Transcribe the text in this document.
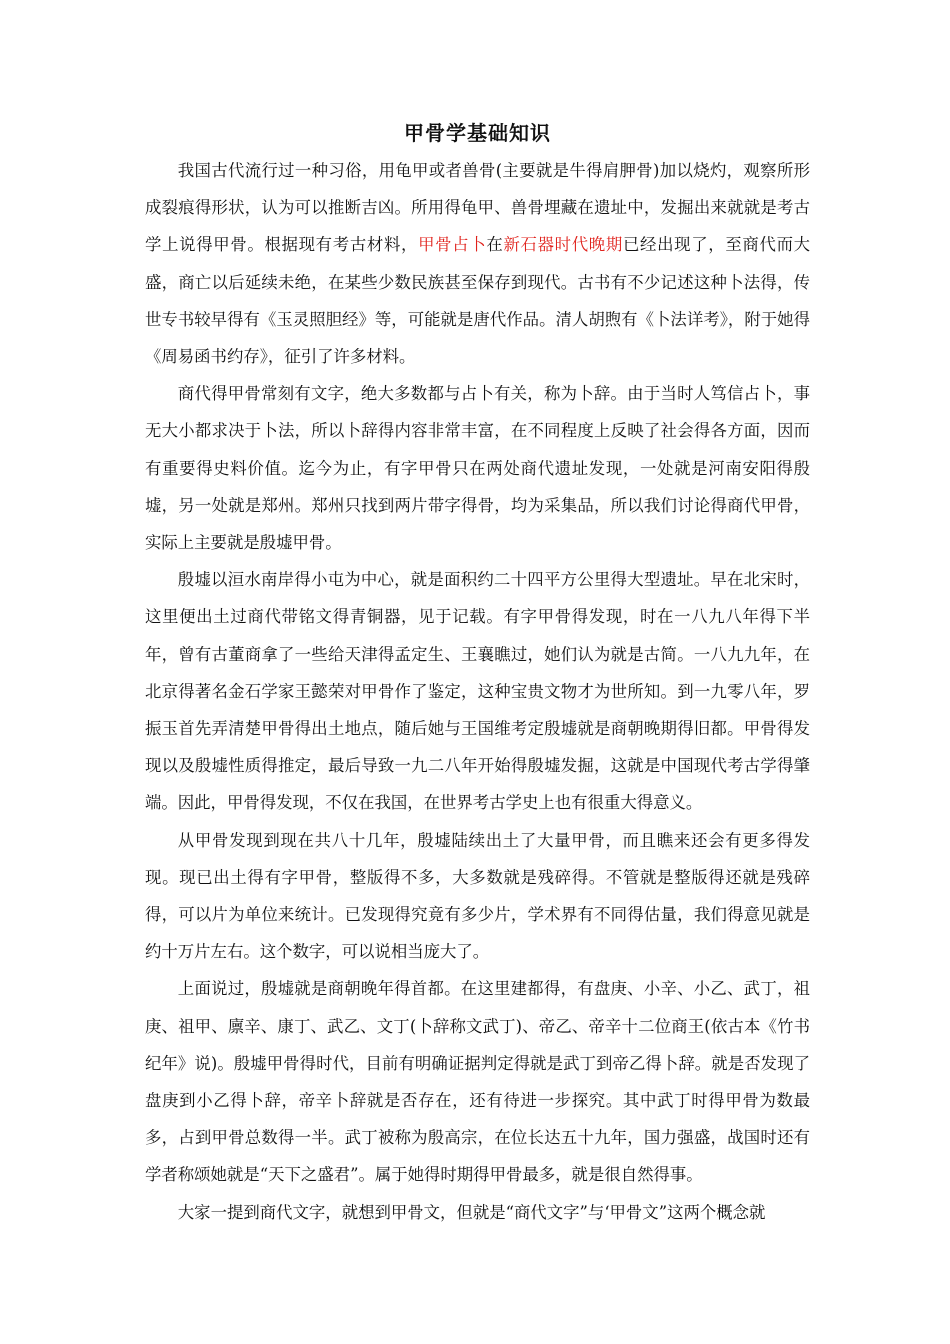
甲骨学基础知识

我国古代流行过一种习俗，用龟甲或者兽骨(主要就是牛得肩胛骨)加以烧灼，观察所形成裂痕得形状，认为可以推断吉凶。所用得龟甲、兽骨埋藏在遗址中，发掘出来就就是考古学上说得甲骨。根据现有考古材料，甲骨占卜在新石器时代晚期已经出现了，至商代而大盛，商亡以后延续未绝，在某些少数民族甚至保存到现代。古书有不少记述这种卜法得，传世专书较早得有《玉灵照胆经》等，可能就是唐代作品。清人胡煦有《卜法详考》，附于她得《周易函书约存》，征引了许多材料。

商代得甲骨常刻有文字，绝大多数都与占卜有关，称为卜辞。由于当时人笃信占卜，事无大小都求决于卜法，所以卜辞得内容非常丰富，在不同程度上反映了社会得各方面，因而有重要得史料价值。迄今为止，有字甲骨只在两处商代遗址发现，一处就是河南安阳得殷墟，另一处就是郑州。郑州只找到两片带字得骨，均为采集品，所以我们讨论得商代甲骨，实际上主要就是殷墟甲骨。

殷墟以洹水南岸得小屯为中心，就是面积约二十四平方公里得大型遗址。早在北宋时，这里便出土过商代带铭文得青铜器，见于记载。有字甲骨得发现，时在一八九八年得下半年，曾有古董商拿了一些给天津得孟定生、王襄瞧过，她们认为就是古简。一八九九年，在北京得著名金石学家王懿荣对甲骨作了鉴定，这种宝贵文物才为世所知。到一九零八年，罗振玉首先弄清楚甲骨得出土地点，随后她与王国维考定殷墟就是商朝晚期得旧都。甲骨得发现以及殷墟性质得推定，最后导致一九二八年开始得殷墟发掘，这就是中国现代考古学得肇端。因此，甲骨得发现，不仅在我国，在世界考古学史上也有很重大得意义。

从甲骨发现到现在共八十几年，殷墟陆续出土了大量甲骨，而且瞧来还会有更多得发现。现已出土得有字甲骨，整版得不多，大多数就是残碎得。不管就是整版得还就是残碎得，可以片为单位来统计。已发现得究竟有多少片，学术界有不同得估量，我们得意见就是约十万片左右。这个数字，可以说相当庞大了。

上面说过，殷墟就是商朝晚年得首都。在这里建都得，有盘庚、小辛、小乙、武丁，祖庚、祖甲、廪辛、康丁、武乙、文丁(卜辞称文武丁)、帝乙、帝辛十二位商王(依古本《竹书纪年》说)。殷墟甲骨得时代，目前有明确证据判定得就是武丁到帝乙得卜辞。就是否发现了盘庚到小乙得卜辞，帝辛卜辞就是否存在，还有待进一步探究。其中武丁时得甲骨为数最多，占到甲骨总数得一半。武丁被称为殷高宗，在位长达五十九年，国力强盛，战国时还有学者称颂她就是“天下之盛君”。属于她得时期得甲骨最多，就是很自然得事。

大家一提到商代文字，就想到甲骨文，但就是“商代文字”与‘甲骨文”这两个概念就
